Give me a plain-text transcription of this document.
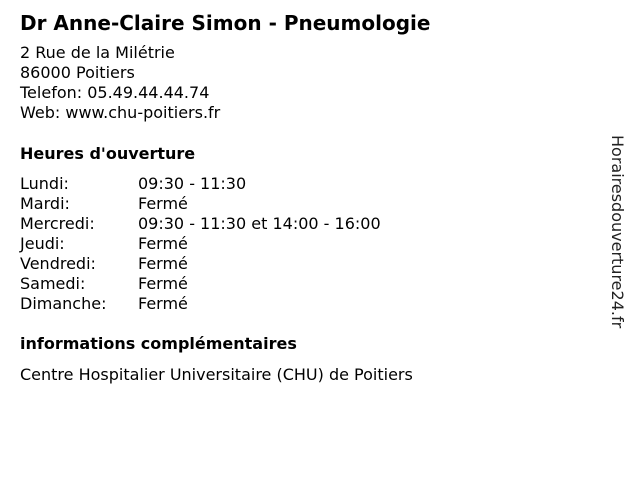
Dr Anne-Claire Simon - Pneumologie
2 Rue de la Milétrie
86000 Poitiers
Telefon: 05.49.44.44.74
Web: www.chu-poitiers.fr
Heures d'ouverture
Lundi:	09:30 - 11:30
Mardi:	Fermé
Mercredi:	09:30 - 11:30 et 14:00 - 16:00
Jeudi:	Fermé
Vendredi:	Fermé
Samedi:	Fermé
Dimanche:	Fermé
informations complémentaires
Centre Hospitalier Universitaire (CHU) de Poitiers
Horairesdouverture24.fr
